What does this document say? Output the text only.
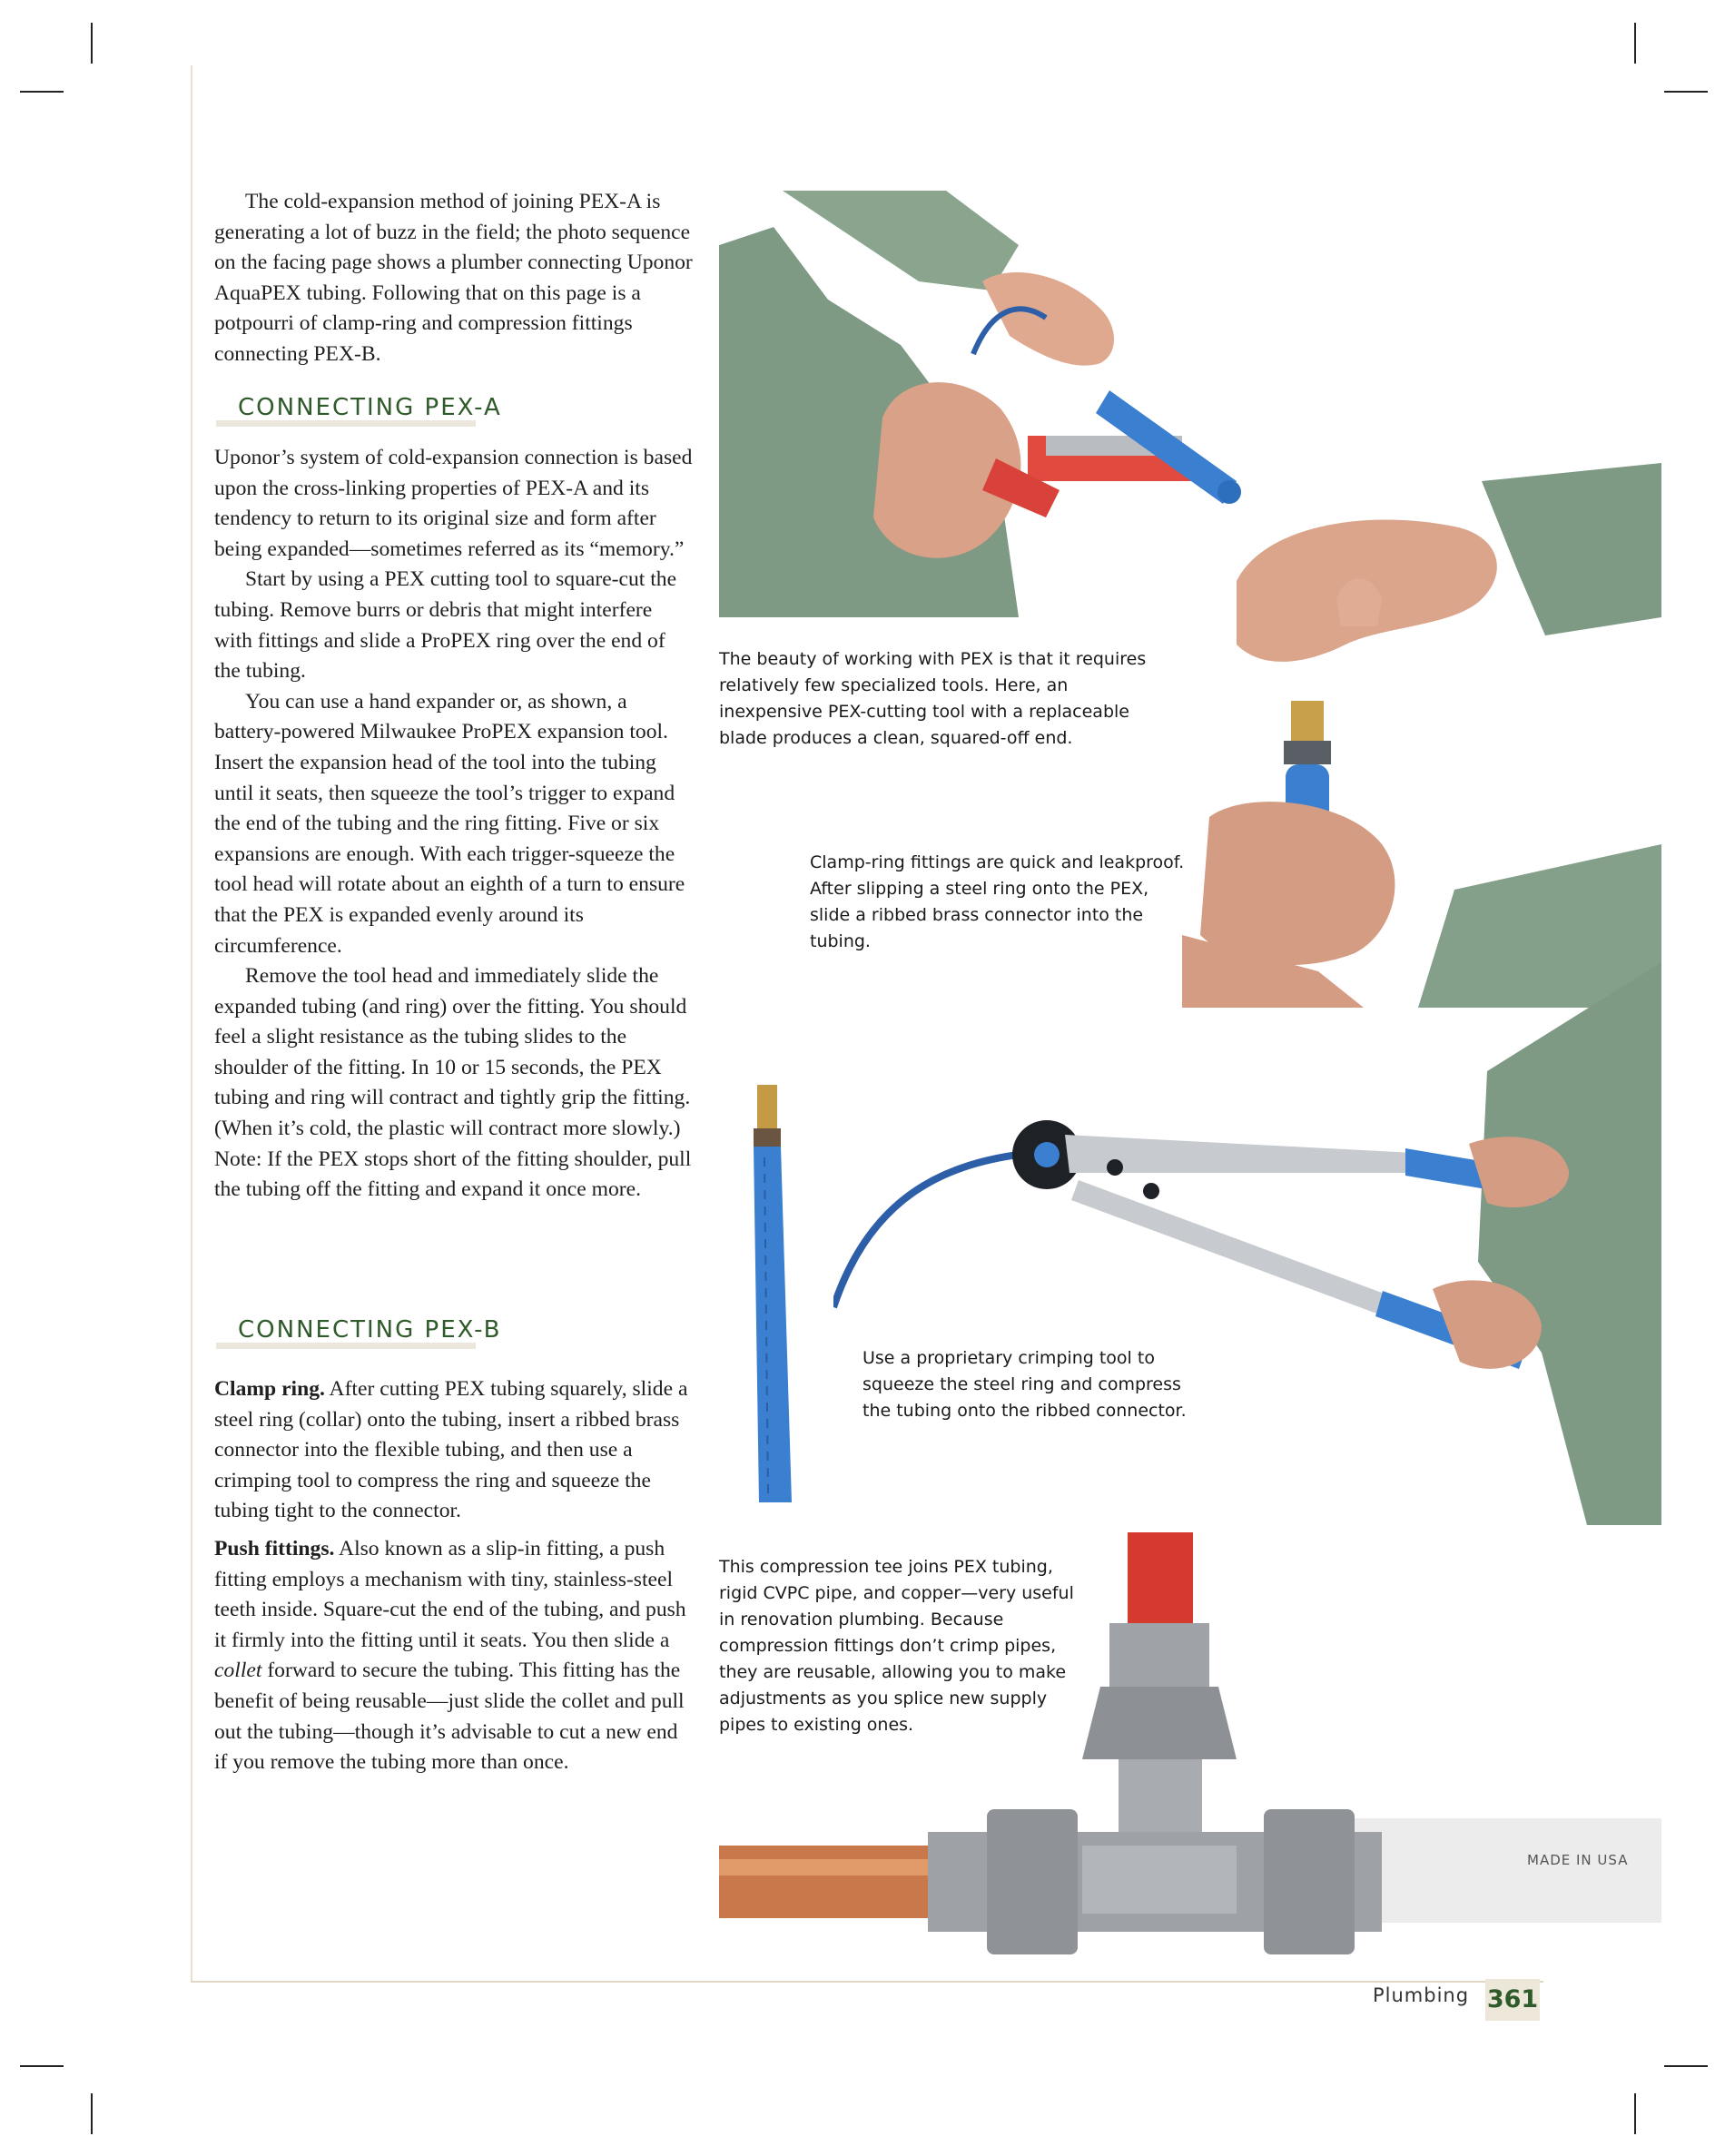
The cold-expansion method of joining PEX-A is generating a lot of buzz in the field; the photo sequence on the facing page shows a plumber connecting Uponor AquaPEX tubing. Following that on this page is a potpourri of clamp-ring and compression fittings connecting PEX-B.

CONNECTING PEX-A

Uponor’s system of cold-expansion connection is based upon the cross-linking properties of PEX-A and its tendency to return to its original size and form after being expanded—sometimes referred as its “memory.”

Start by using a PEX cutting tool to square-cut the tubing. Remove burrs or debris that might interfere with fittings and slide a ProPEX ring over the end of the tubing.

You can use a hand expander or, as shown, a battery-powered Milwaukee ProPEX expansion tool. Insert the expansion head of the tool into the tubing until it seats, then squeeze the tool’s trigger to expand the end of the tubing and the ring fitting. Five or six expansions are enough. With each trigger-squeeze the tool head will rotate about an eighth of a turn to ensure that the PEX is expanded evenly around its circumference.

Remove the tool head and immediately slide the expanded tubing (and ring) over the fitting. You should feel a slight resistance as the tubing slides to the shoulder of the fitting. In 10 or 15 seconds, the PEX tubing and ring will contract and tightly grip the fitting. (When it’s cold, the plastic will contract more slowly.) Note: If the PEX stops short of the fitting shoulder, pull the tubing off the fitting and expand it once more.

CONNECTING PEX-B

Clamp ring. After cutting PEX tubing squarely, slide a steel ring (collar) onto the tubing, insert a ribbed brass connector into the flexible tubing, and then use a crimping tool to compress the ring and squeeze the tubing tight to the connector.

Push fittings. Also known as a slip-in fitting, a push fitting employs a mechanism with tiny, stainless-steel teeth inside. Square-cut the end of the tubing, and push it firmly into the fitting until it seats. You then slide a collet forward to secure the tubing. This fitting has the benefit of being reusable—just slide the collet and pull out the tubing—though it’s advisable to cut a new end if you remove the tubing more than once.

The beauty of working with PEX is that it requires relatively few specialized tools. Here, an inexpensive PEX-cutting tool with a replaceable blade produces a clean, squared-off end.
Clamp-ring fittings are quick and leakproof. After slipping a steel ring onto the PEX, slide a ribbed brass connector into the tubing.
Use a proprietary crimping tool to squeeze the steel ring and compress the tubing onto the ribbed connector.
MADE IN USA
This compression tee joins PEX tubing, rigid CVPC pipe, and copper—very useful in renovation plumbing. Because compression fittings don’t crimp pipes, they are reusable, allowing you to make adjustments as you splice new supply pipes to existing ones.
Plumbing 361
